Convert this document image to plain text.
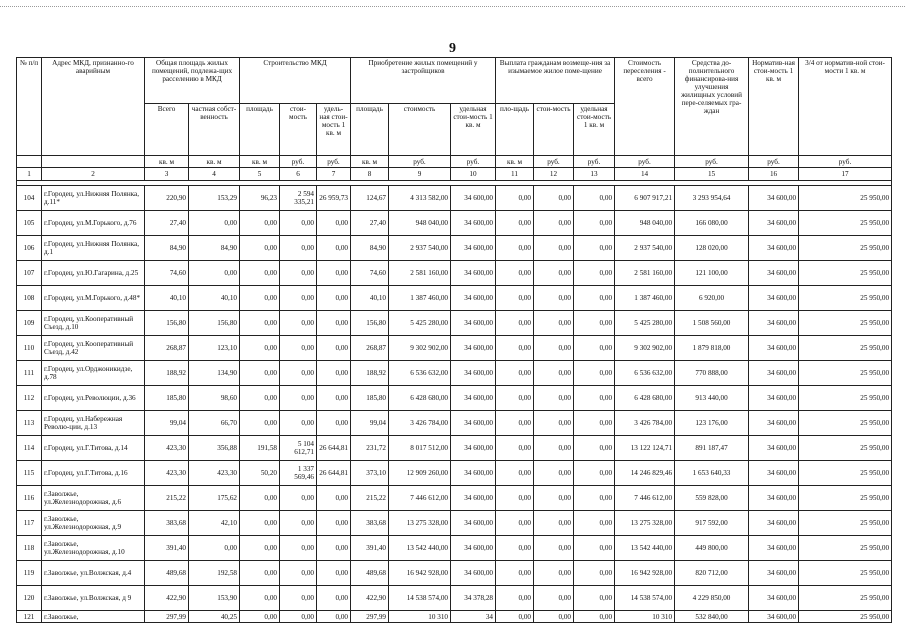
9
№ п/п	Адрес МКД, признанно-го аварийным	Общая площадь жилых помещений, подлежа-щих расселению в МКД		Строительство МКД			Приобретение жилых помещений у застройщиков			Выплата гражданам возмеще-ния за изымаемое жилое поме-щение			Стоимость переселения - всего	Средства до-полнительного финансирова-ния улучшения жилищных условий пере-селяемых гра-ждан	Норматив-ная стои-мость 1 кв. м	3/4 от норматив-ной стои-мости 1 кв. м
		Всего	частная собст-венность	площадь	стои-мость	удель-ная стои-мость 1 кв. м	площадь	стоимость	удельная стои-мость 1 кв. м	пло-щадь	стои-мость	удельная стои-мость 1 кв. м				
		кв. м	кв. м	кв. м	руб.	руб.	кв. м	руб.	руб.	кв. м	руб.	руб.	руб.	руб.	руб.	руб.
1	2	3	4	5	6	7	8	9	10	11	12	13	14	15	16	17

104	г.Городец, ул.Нижняя Полянка, д.11*	220,90	153,29	96,23	2 594 335,21	26 959,73	124,67	4 313 582,00	34 600,00	0,00	0,00	0,00	6 907 917,21	3 293 954,64	34 600,00	25 950,00
105	г.Городец, ул.М.Горького, д.76	27,40	0,00	0,00	0,00	0,00	27,40	948 040,00	34 600,00	0,00	0,00	0,00	948 040,00	166 080,00	34 600,00	25 950,00
106	г.Городец, ул.Нижняя Полянка, д.1	84,90	84,90	0,00	0,00	0,00	84,90	2 937 540,00	34 600,00	0,00	0,00	0,00	2 937 540,00	128 020,00	34 600,00	25 950,00
107	г.Городец, ул.Ю.Гагарина, д.25	74,60	0,00	0,00	0,00	0,00	74,60	2 581 160,00	34 600,00	0,00	0,00	0,00	2 581 160,00	121 100,00	34 600,00	25 950,00
108	г.Городец, ул.М.Горького, д.48*	40,10	40,10	0,00	0,00	0,00	40,10	1 387 460,00	34 600,00	0,00	0,00	0,00	1 387 460,00	6 920,00	34 600,00	25 950,00
109	г.Городец, ул.Кооперативный Съезд, д.10	156,80	156,80	0,00	0,00	0,00	156,80	5 425 280,00	34 600,00	0,00	0,00	0,00	5 425 280,00	1 508 560,00	34 600,00	25 950,00
110	г.Городец, ул.Кооперативный Съезд, д.42	268,87	123,10	0,00	0,00	0,00	268,87	9 302 902,00	34 600,00	0,00	0,00	0,00	9 302 902,00	1 879 818,00	34 600,00	25 950,00
111	г.Городец, ул.Орджоникидзе, д.78	188,92	134,90	0,00	0,00	0,00	188,92	6 536 632,00	34 600,00	0,00	0,00	0,00	6 536 632,00	770 888,00	34 600,00	25 950,00
112	г.Городец, ул.Революции, д.36	185,80	98,60	0,00	0,00	0,00	185,80	6 428 680,00	34 600,00	0,00	0,00	0,00	6 428 680,00	913 440,00	34 600,00	25 950,00
113	г.Городец, ул.Набережная Револю-ции, д.13	99,04	66,70	0,00	0,00	0,00	99,04	3 426 784,00	34 600,00	0,00	0,00	0,00	3 426 784,00	123 176,00	34 600,00	25 950,00
114	г.Городец, ул.Г.Титова, д.14	423,30	356,88	191,58	5 104 612,71	26 644,81	231,72	8 017 512,00	34 600,00	0,00	0,00	0,00	13 122 124,71	891 187,47	34 600,00	25 950,00
115	г.Городец, ул.Г.Титова, д.16	423,30	423,30	50,20	1 337 569,46	26 644,81	373,10	12 909 260,00	34 600,00	0,00	0,00	0,00	14 246 829,46	1 653 640,33	34 600,00	25 950,00
116	г.Заволжье, ул.Железнодорожная, д.6	215,22	175,62	0,00	0,00	0,00	215,22	7 446 612,00	34 600,00	0,00	0,00	0,00	7 446 612,00	559 828,00	34 600,00	25 950,00
117	г.Заволжье, ул.Железнодорожная, д.9	383,68	42,10	0,00	0,00	0,00	383,68	13 275 328,00	34 600,00	0,00	0,00	0,00	13 275 328,00	917 592,00	34 600,00	25 950,00
118	г.Заволжье, ул.Железнодорожная, д.10	391,40	0,00	0,00	0,00	0,00	391,40	13 542 440,00	34 600,00	0,00	0,00	0,00	13 542 440,00	449 800,00	34 600,00	25 950,00
119	г.Заволжье, ул.Волжская, д.4	489,68	192,58	0,00	0,00	0,00	489,68	16 942 928,00	34 600,00	0,00	0,00	0,00	16 942 928,00	820 712,00	34 600,00	25 950,00
120	г.Заволжье, ул.Волжская, д 9	422,90	153,90	0,00	0,00	0,00	422,90	14 538 574,00	34 378,28	0,00	0,00	0,00	14 538 574,00	4 229 850,00	34 600,00	25 950,00
121	г.Заволжье,	297,99	40,25	0,00	0,00	0,00	297,99	10 310	34	0,00	0,00	0,00	10 310	532 840,00	34 600,00	25 950,00
